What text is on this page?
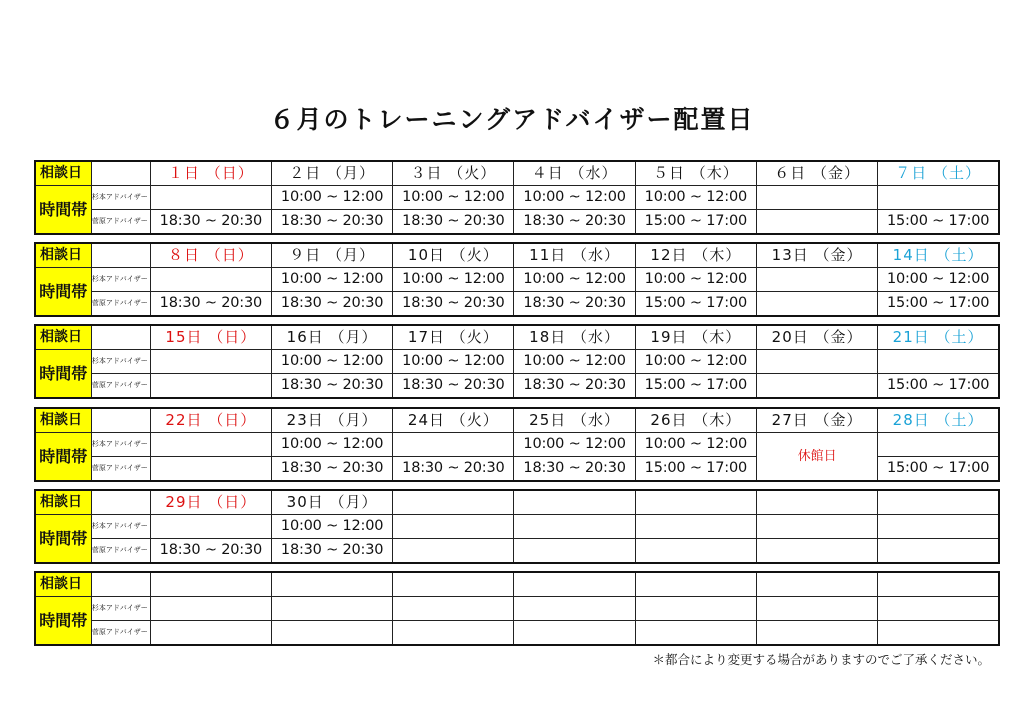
６月のトレーニングアドバイザー配置日
相談日		１日 （日）	２日 （月）	３日 （火）	４日 （水）	５日 （木）	６日 （金）	７日 （土）
時間帯	杉本アドバイザー		10:00 ~ 12:00	10:00 ~ 12:00	10:00 ~ 12:00	10:00 ~ 12:00		
	菅原アドバイザー	18:30 ~ 20:30	18:30 ~ 20:30	18:30 ~ 20:30	18:30 ~ 20:30	15:00 ~ 17:00		15:00 ~ 17:00
相談日		８日 （日）	９日 （月）	10日 （火）	11日 （水）	12日 （木）	13日 （金）	14日 （土）
時間帯	杉本アドバイザー		10:00 ~ 12:00	10:00 ~ 12:00	10:00 ~ 12:00	10:00 ~ 12:00		10:00 ~ 12:00
	菅原アドバイザー	18:30 ~ 20:30	18:30 ~ 20:30	18:30 ~ 20:30	18:30 ~ 20:30	15:00 ~ 17:00		15:00 ~ 17:00
相談日		15日 （日）	16日 （月）	17日 （火）	18日 （水）	19日 （木）	20日 （金）	21日 （土）
時間帯	杉本アドバイザー		10:00 ~ 12:00	10:00 ~ 12:00	10:00 ~ 12:00	10:00 ~ 12:00		
	菅原アドバイザー		18:30 ~ 20:30	18:30 ~ 20:30	18:30 ~ 20:30	15:00 ~ 17:00		15:00 ~ 17:00
相談日		22日 （日）	23日 （月）	24日 （火）	25日 （水）	26日 （木）	27日 （金）	28日 （土）
時間帯	杉本アドバイザー		10:00 ~ 12:00		10:00 ~ 12:00	10:00 ~ 12:00	休館日	
	菅原アドバイザー		18:30 ~ 20:30	18:30 ~ 20:30	18:30 ~ 20:30	15:00 ~ 17:00		15:00 ~ 17:00
相談日		29日 （日）	30日 （月）					
時間帯	杉本アドバイザー		10:00 ~ 12:00					
	菅原アドバイザー	18:30 ~ 20:30	18:30 ~ 20:30					
相談日								
時間帯	杉本アドバイザー							
	菅原アドバイザー							
＊都合により変更する場合がありますのでご了承ください。
